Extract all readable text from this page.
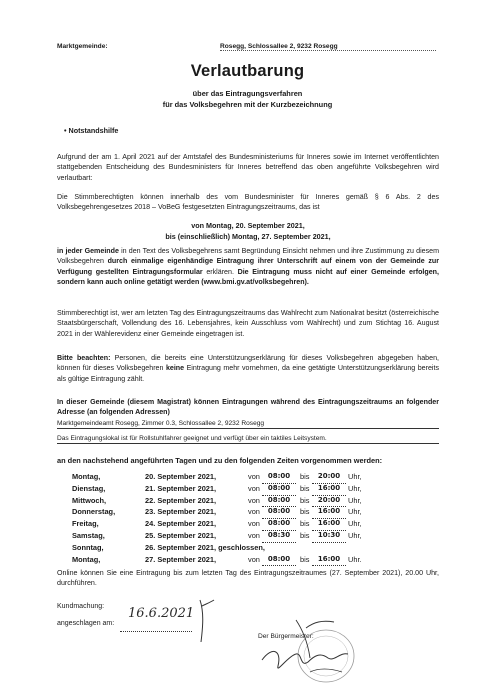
Marktgemeinde:	Rosegg, Schlossallee 2, 9232 Rosegg
Verlautbarung
über das Eintragungsverfahren
für das Volksbegehren mit der Kurzbezeichnung
• Notstandshilfe
Aufgrund der am 1. April 2021 auf der Amtstafel des Bundesministeriums für Inneres sowie im Internet veröffentlichten stattgebenden Entscheidung des Bundesministers für Inneres betreffend das oben angeführte Volksbegehren wird verlautbart:
Die Stimmberechtigten können innerhalb des vom Bundesminister für Inneres gemäß § 6 Abs. 2 des Volksbegehrengesetzes 2018 – VoBeG festgesetzten Eintragungszeitraums, das ist
von Montag, 20. September 2021,
bis (einschließlich) Montag, 27. September 2021,
in jeder Gemeinde in den Text des Volksbegehrens samt Begründung Einsicht nehmen und ihre Zustimmung zu diesem Volksbegehren durch einmalige eigenhändige Eintragung ihrer Unterschrift auf einem von der Gemeinde zur Verfügung gestellten Eintragungsformular erklären. Die Eintragung muss nicht auf einer Gemeinde erfolgen, sondern kann auch online getätigt werden (www.bmi.gv.at/volksbegehren).
Stimmberechtigt ist, wer am letzten Tag des Eintragungszeitraums das Wahlrecht zum Nationalrat besitzt (österreichische Staatsbürgerschaft, Vollendung des 16. Lebensjahres, kein Ausschluss vom Wahlrecht) und zum Stichtag 16. August 2021 in der Wählerevidenz einer Gemeinde eingetragen ist.
Bitte beachten: Personen, die bereits eine Unterstützungserklärung für dieses Volksbegehren abgegeben haben, können für dieses Volksbegehren keine Eintragung mehr vornehmen, da eine getätigte Unterstützungserklärung bereits als gültige Eintragung zählt.
In dieser Gemeinde (diesem Magistrat) können Eintragungen während des Eintragungszeitraums an folgender Adresse (an folgenden Adressen)
Marktgemeindeamt Rosegg, Zimmer 0.3, Schlossallee 2, 9232 Rosegg
Das Eintragungslokal ist für Rollstuhlfahrer geeignet und verfügt über ein taktiles Leitsystem.
an den nachstehend angeführten Tagen und zu den folgenden Zeiten vorgenommen werden:
Montag,	20. September 2021,	von	08:00	bis	20:00	Uhr,
Dienstag,	21. September 2021,	von	08:00	bis	16:00	Uhr,
Mittwoch,	22. September 2021,	von	08:00	bis	20:00	Uhr,
Donnerstag,	23. September 2021,	von	08:00	bis	16:00	Uhr,
Freitag,	24. September 2021,	von	08:00	bis	16:00	Uhr,
Samstag,	25. September 2021,	von	08:30	bis	10:30	Uhr,
Sonntag,	26. September 2021, geschlossen,
Montag,	27. September 2021,	von	08:00	bis	16:00	Uhr.
Online können Sie eine Eintragung bis zum letzten Tag des Eintragungszeitraumes (27. September 2021), 20.00 Uhr, durchführen.
Kundmachung:
angeschlagen am:
16.6.2021
Der Bürgermeister:
